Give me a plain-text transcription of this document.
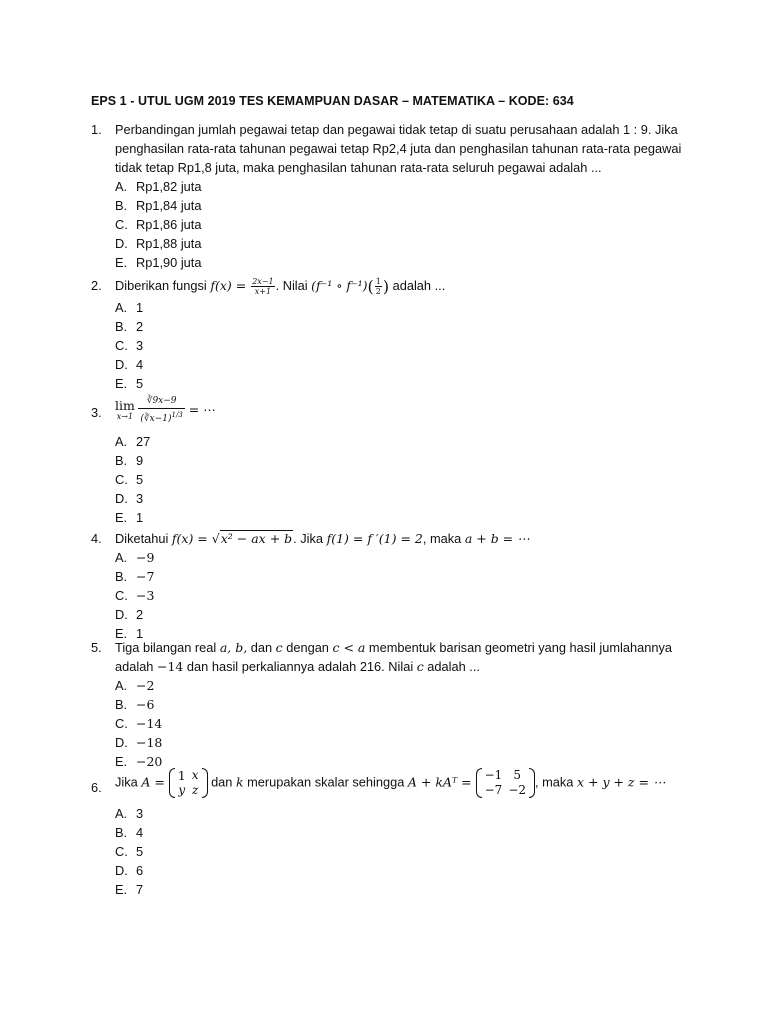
EPS 1 - UTUL UGM 2019 TES KEMAMPUAN DASAR – MATEMATIKA – KODE: 634
1. Perbandingan jumlah pegawai tetap dan pegawai tidak tetap di suatu perusahaan adalah 1 : 9. Jika
penghasilan rata-rata tahunan pegawai tetap Rp2,4 juta dan penghasilan tahunan rata-rata pegawai
tidak tetap Rp1,8 juta, maka penghasilan tahunan rata-rata seluruh pegawai adalah ...
A. Rp1,82 juta
B. Rp1,84 juta
C. Rp1,86 juta
D. Rp1,88 juta
E. Rp1,90 juta
2. Diberikan fungsi $f(x) = \frac{2x-1}{x+1}$ . Nilai (f⁻¹ ∘ $f^{-1})( \frac{1}{2}$ ) adalah ...
A. 1
B. 2
C. 3
D. 4
E. 5
3. lim
x→1
$\frac{∛9x-9}{(∛x-1)^{1/3}}$ = ⋯
A. 27
B. 9
C. 5
D. 3
E. 1
4. Diketahui f(x) = √x² − ax + b. Jika f(1) = f ′(1) = 2, maka a + b = ⋯
A. −9
B. −7
C. −3
D. 2
E. 1
5. Tiga bilangan real a, b, dan c dengan c < a membentuk barisan geometri yang hasil jumlahannya
adalah −14 dan hasil perkaliannya adalah 216. Nilai c adalah ...
A. −2
B. −6
C. −14
D. −18
E. −20
6. Jika A = 1	x
y	z
dan k merupakan skalar sehingga A + kAᵀ = −1	5
−7	−2
, maka x + y + z = ⋯
A. 3
B. 4
C. 5
D. 6
E. 7
